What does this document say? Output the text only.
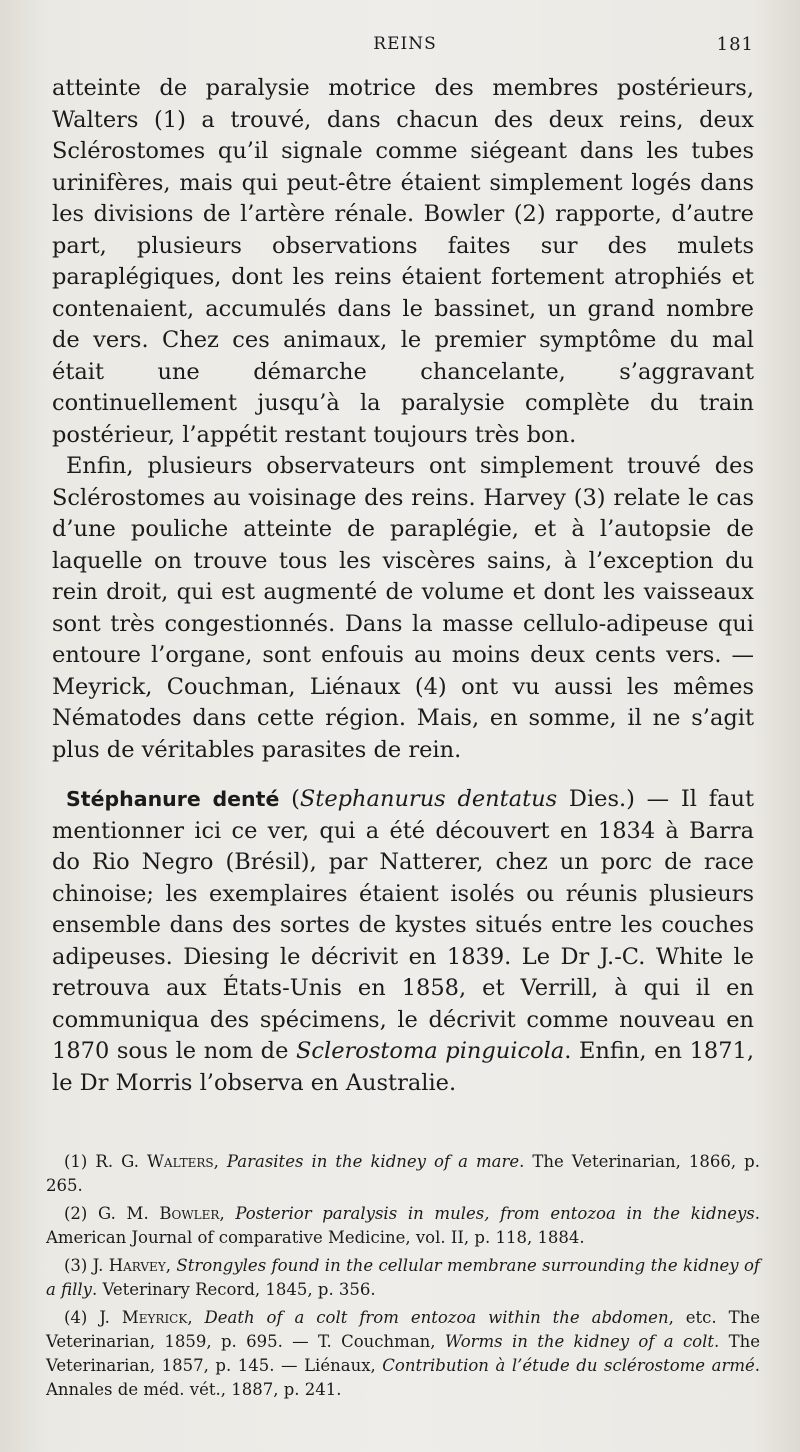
REINS	181

atteinte de paralysie motrice des membres postérieurs, Walters (1) a trouvé, dans chacun des deux reins, deux Sclérostomes qu’il signale comme siégeant dans les tubes urinifères, mais qui peut-être étaient simplement logés dans les divisions de l’artère rénale. Bowler (2) rapporte, d’autre part, plusieurs observations faites sur des mulets paraplégiques, dont les reins étaient fortement atrophiés et contenaient, accumulés dans le bassinet, un grand nombre de vers. Chez ces animaux, le premier symptôme du mal était une démarche chancelante, s’aggravant continuellement jusqu’à la paralysie complète du train postérieur, l’appétit restant toujours très bon.

Enfin, plusieurs observateurs ont simplement trouvé des Sclérostomes au voisinage des reins. Harvey (3) relate le cas d’une pouliche atteinte de paraplégie, et à l’autopsie de laquelle on trouve tous les viscères sains, à l’exception du rein droit, qui est augmenté de volume et dont les vaisseaux sont très congestionnés. Dans la masse cellulo-adipeuse qui entoure l’organe, sont enfouis au moins deux cents vers. — Meyrick, Couchman, Liénaux (4) ont vu aussi les mêmes Nématodes dans cette région. Mais, en somme, il ne s’agit plus de véritables parasites de rein.

Stéphanure denté (Stephanurus dentatus Dies.) — Il faut mentionner ici ce ver, qui a été découvert en 1834 à Barra do Rio Negro (Brésil), par Natterer, chez un porc de race chinoise; les exemplaires étaient isolés ou réunis plusieurs ensemble dans des sortes de kystes situés entre les couches adipeuses. Diesing le décrivit en 1839. Le Dr J.-C. White le retrouva aux États-Unis en 1858, et Verrill, à qui il en communiqua des spécimens, le décrivit comme nouveau en 1870 sous le nom de Sclerostoma pinguicola. Enfin, en 1871, le Dr Morris l’observa en Australie.

(1) R. G. Walters, Parasites in the kidney of a mare. The Veterinarian, 1866, p. 265.

(2) G. M. Bowler, Posterior paralysis in mules, from entozoa in the kidneys. American Journal of comparative Medicine, vol. II, p. 118, 1884.

(3) J. Harvey, Strongyles found in the cellular membrane surrounding the kidney of a filly. Veterinary Record, 1845, p. 356.

(4) J. Meyrick, Death of a colt from entozoa within the abdomen, etc. The Veterinarian, 1859, p. 695. — T. Couchman, Worms in the kidney of a colt. The Veterinarian, 1857, p. 145. — Liénaux, Contribution à l’étude du sclérostome armé. Annales de méd. vét., 1887, p. 241.
